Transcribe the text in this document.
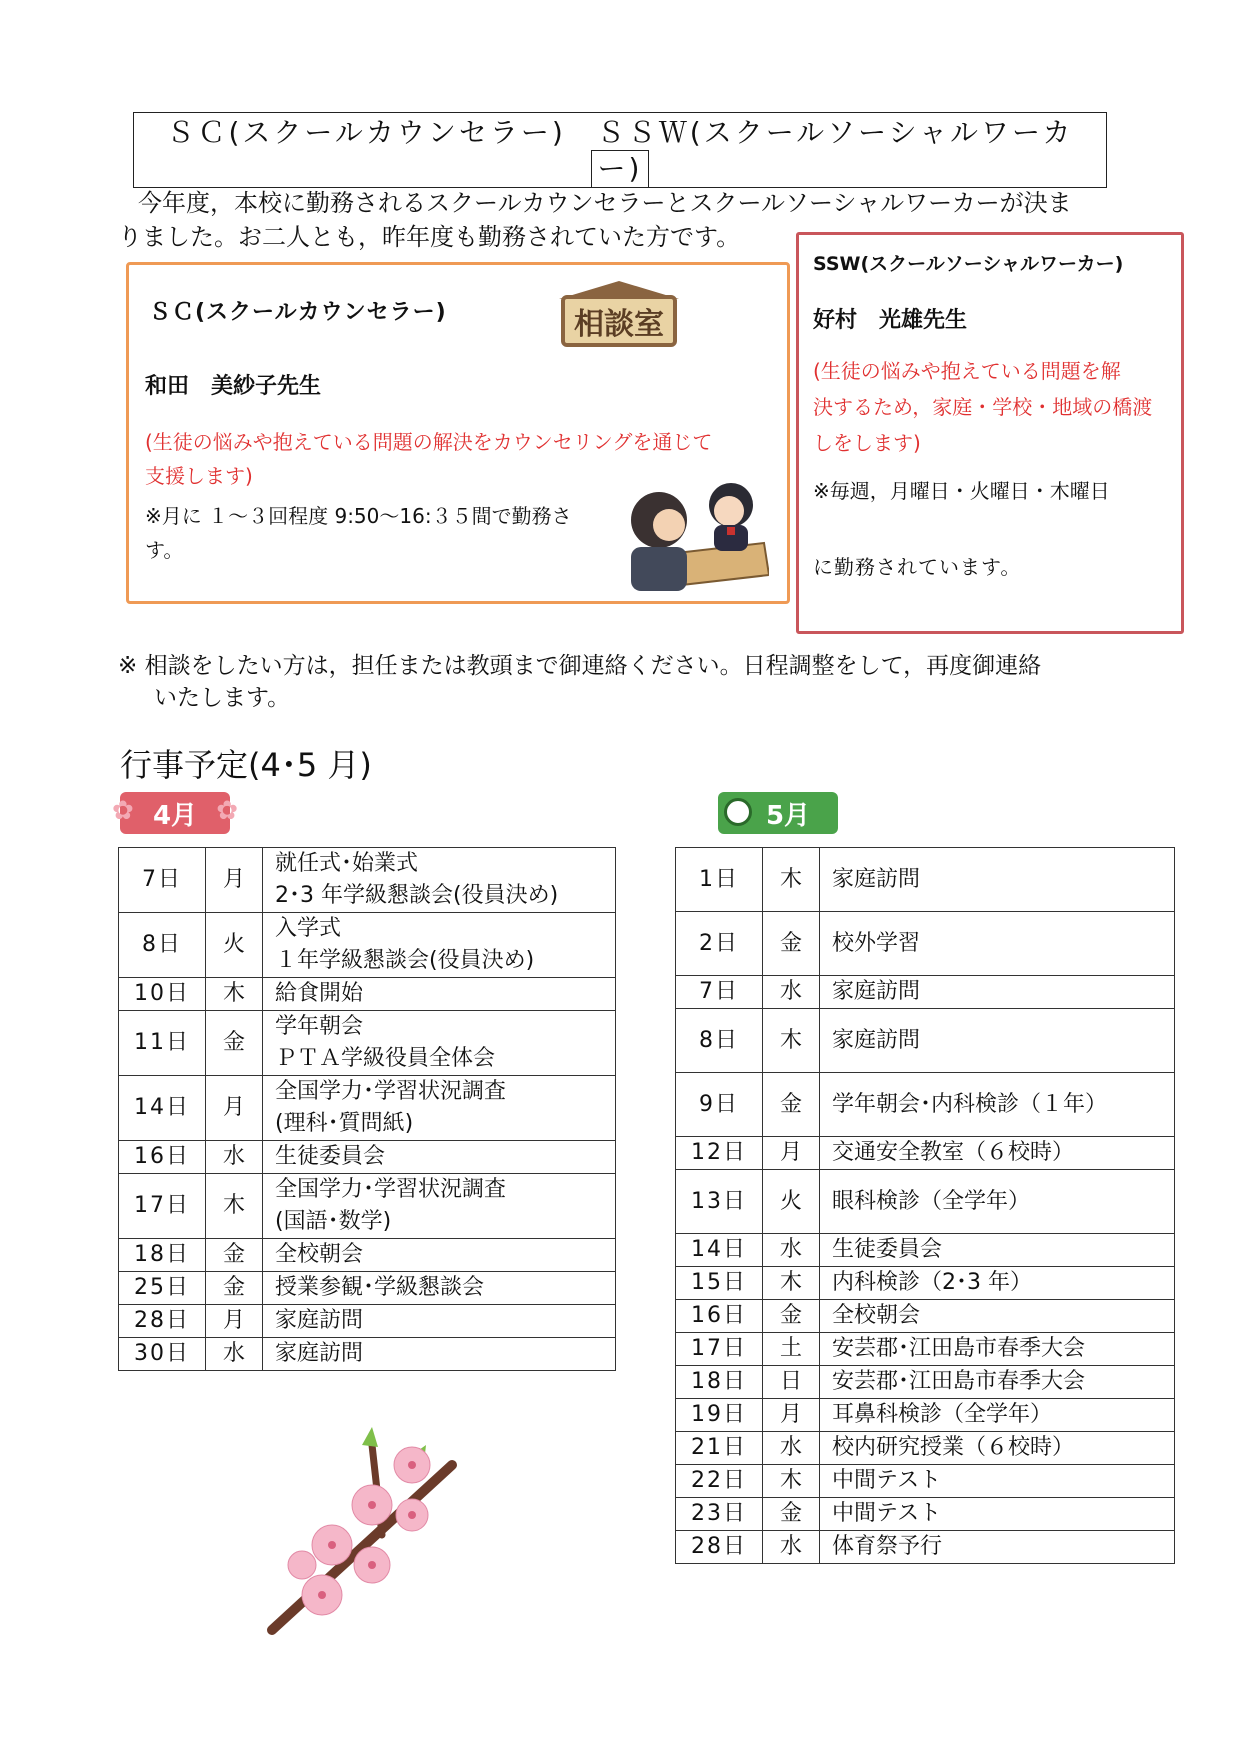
ＳＣ(スクールカウンセラー)　ＳＳＷ(スクールソーシャルワーカ
ー)
今年度，本校に勤務されるスクールカウンセラーとスクールソーシャルワーカーが決ま
りました。お二人とも，昨年度も勤務されていた方です。
ＳＣ(スクールカウンセラー)	相談室
和田　美紗子先生
(生徒の悩みや抱えている問題の解決をカウンセリングを通じて
支援します)
※月に １～３回程度 9:50～16:３５間で勤務さ
す。
SSW(スクールソーシャルワーカー)
好村　光雄先生
(生徒の悩みや抱えている問題を解
決するため，家庭・学校・地域の橋渡
しをします)
※毎週，月曜日・火曜日・木曜日
に勤務されています。
※ 相談をしたい方は，担任または教頭まで御連絡ください。日程調整をして，再度御連絡
いたします。
行事予定(4･5 月)
✿ 4月 ✿	5月
7日	月	就任式･始業式
2･3 年学級懇談会(役員決め)

8日	火	入学式
１年学級懇談会(役員決め)

10日	木	給食開始

11日	金	学年朝会
ＰＴＡ学級役員全体会

14日	月	全国学力･学習状況調査
(理科･質問紙)

16日	水	生徒委員会

17日	木	全国学力･学習状況調査
(国語･数学)

18日	金	全校朝会

25日	金	授業参観･学級懇談会

28日	月	家庭訪問

30日	水	家庭訪問
1日	木	家庭訪問

2日	金	校外学習

7日	水	家庭訪問

8日	木	家庭訪問

9日	金	学年朝会･内科検診（１年）

12日	月	交通安全教室（６校時）

13日	火	眼科検診（全学年）

14日	水	生徒委員会

15日	木	内科検診（2･3 年）

16日	金	全校朝会

17日	土	安芸郡･江田島市春季大会

18日	日	安芸郡･江田島市春季大会

19日	月	耳鼻科検診（全学年）

21日	水	校内研究授業（６校時）

22日	木	中間テスト

23日	金	中間テスト

28日	水	体育祭予行
